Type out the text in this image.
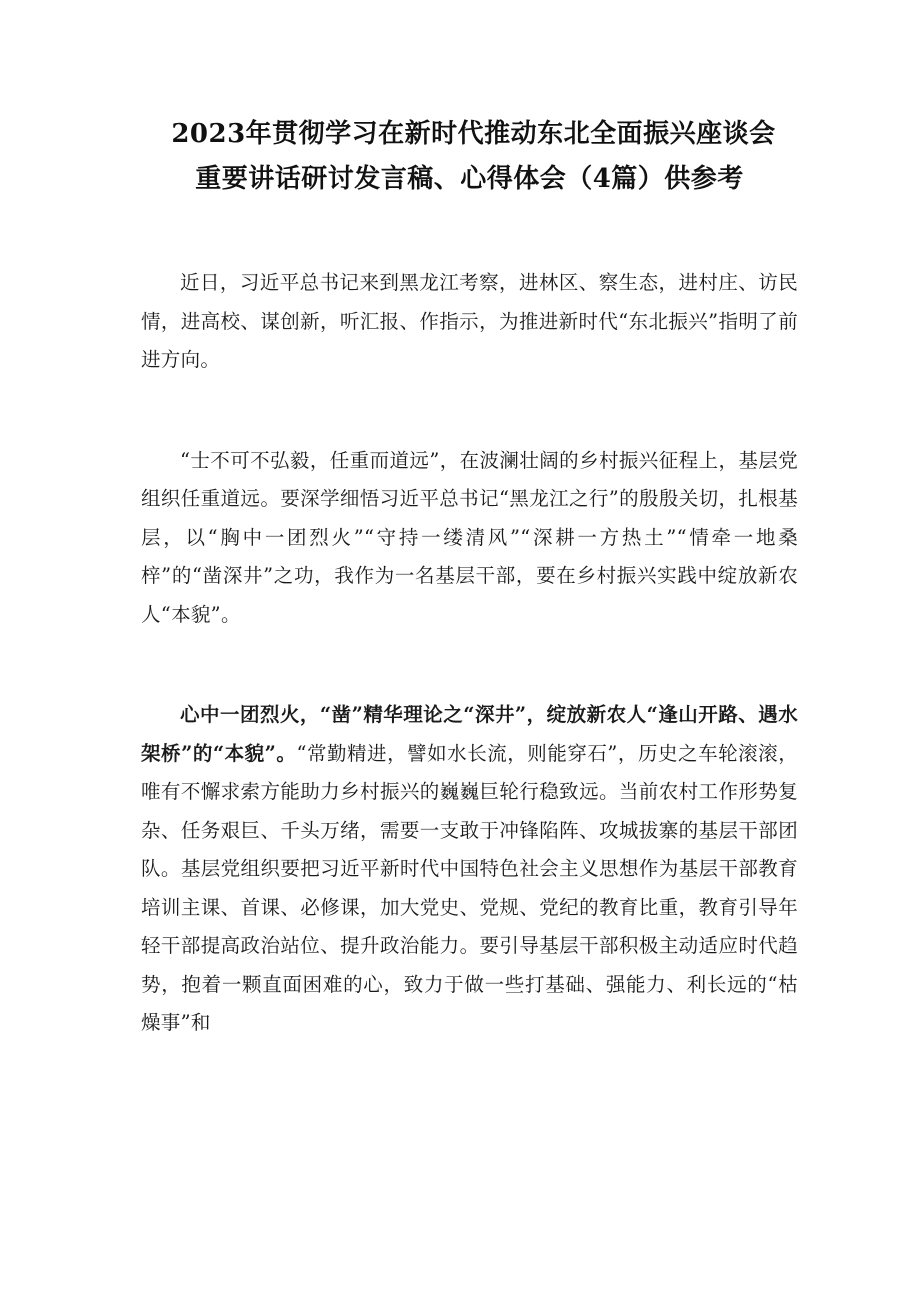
2023年贯彻学习在新时代推动东北全面振兴座谈会
重要讲话研讨发言稿、心得体会（4篇）供参考

近日，习近平总书记来到黑龙江考察，进林区、察生态，进村庄、访民情，进高校、谋创新，听汇报、作指示，为推进新时代“东北振兴”指明了前进方向。

“士不可不弘毅，任重而道远”，在波澜壮阔的乡村振兴征程上，基层党组织任重道远。要深学细悟习近平总书记“黑龙江之行”的殷殷关切，扎根基层，以“胸中一团烈火”“守持一缕清风”“深耕一方热土”“情牵一地桑梓”的“凿深井”之功，我作为一名基层干部，要在乡村振兴实践中绽放新农人“本貌”。

心中一团烈火，“凿”精华理论之“深井”，绽放新农人“逢山开路、遇水架桥”的“本貌”。“常勤精进，譬如水长流，则能穿石”，历史之车轮滚滚，唯有不懈求索方能助力乡村振兴的巍巍巨轮行稳致远。当前农村工作形势复杂、任务艰巨、千头万绪，需要一支敢于冲锋陷阵、攻城拔寨的基层干部团队。基层党组织要把习近平新时代中国特色社会主义思想作为基层干部教育培训主课、首课、必修课，加大党史、党规、党纪的教育比重，教育引导年轻干部提高政治站位、提升政治能力。要引导基层干部积极主动适应时代趋势，抱着一颗直面困难的心，致力于做一些打基础、强能力、利长远的“枯燥事”和
